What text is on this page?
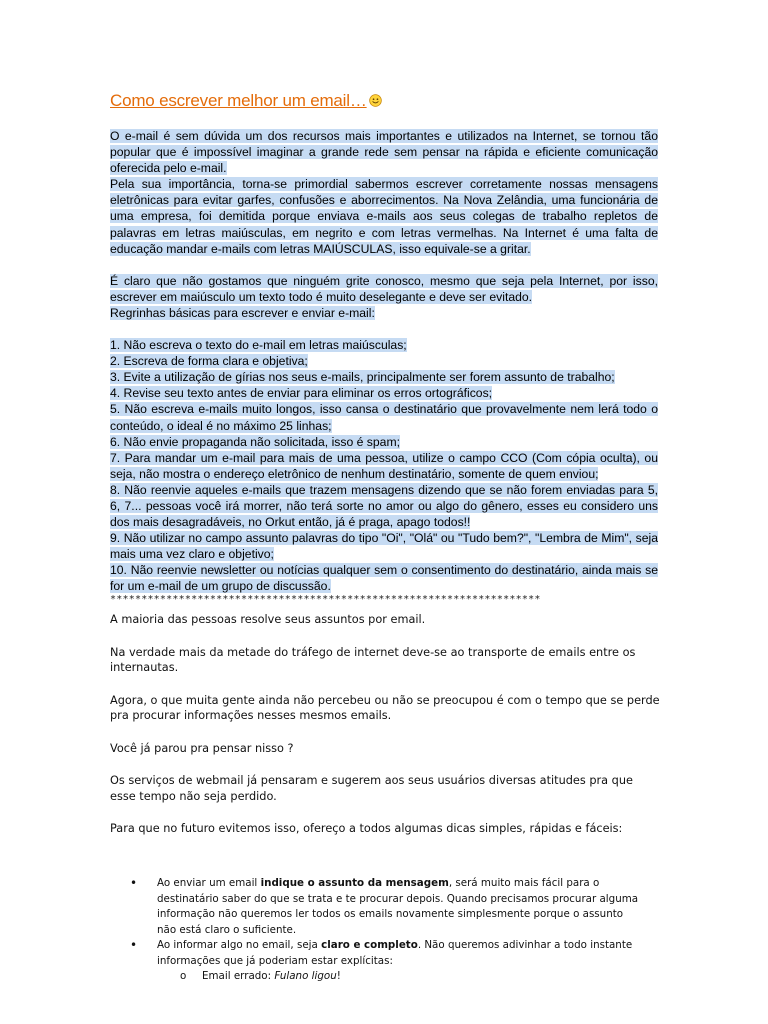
Como escrever melhor um email…

O e-mail é sem dúvida um dos recursos mais importantes e utilizados na Internet, se tornou tão popular que é impossível imaginar a grande rede sem pensar na rápida e eficiente comunicação oferecida pelo e-mail.

Pela sua importância, torna-se primordial sabermos escrever corretamente nossas mensagens eletrônicas para evitar garfes, confusões e aborrecimentos. Na Nova Zelândia, uma funcionária de uma empresa, foi demitida porque enviava e-mails aos seus colegas de trabalho repletos de palavras em letras maiúsculas, em negrito e com letras vermelhas. Na Internet é uma falta de educação mandar e-mails com letras MAIÚSCULAS, isso equivale-se a gritar.

É claro que não gostamos que ninguém grite conosco, mesmo que seja pela Internet, por isso, escrever em maiúsculo um texto todo é muito deselegante e deve ser evitado.

Regrinhas básicas para escrever e enviar e-mail:

1. Não escreva o texto do e-mail em letras maiúsculas;
2. Escreva de forma clara e objetiva;
3. Evite a utilização de gírias nos seus e-mails, principalmente ser forem assunto de trabalho;
4. Revise seu texto antes de enviar para eliminar os erros ortográficos;
5. Não escreva e-mails muito longos, isso cansa o destinatário que provavelmente nem lerá todo o conteúdo, o ideal é no máximo 25 linhas;
6. Não envie propaganda não solicitada, isso é spam;
7. Para mandar um e-mail para mais de uma pessoa, utilize o campo CCO (Com cópia oculta), ou seja, não mostra o endereço eletrônico de nenhum destinatário, somente de quem enviou;
8. Não reenvie aqueles e-mails que trazem mensagens dizendo que se não forem enviadas para 5, 6, 7... pessoas você irá morrer, não terá sorte no amor ou algo do gênero, esses eu considero uns dos mais desagradáveis, no Orkut então, já é praga, apago todos!!
9. Não utilizar no campo assunto palavras do tipo "Oi", "Olá" ou "Tudo bem?", "Lembra de Mim", seja mais uma vez claro e objetivo;
10. Não reenvie newsletter ou notícias qualquer sem o consentimento do destinatário, ainda mais se for um e-mail de um grupo de discussão.
*********************************************************************

A maioria das pessoas resolve seus assuntos por email.

Na verdade mais da metade do tráfego de internet deve-se ao transporte de emails entre os internautas.

Agora, o que muita gente ainda não percebeu ou não se preocupou é com o tempo que se perde pra procurar informações nesses mesmos emails.

Você já parou pra pensar nisso ?

Os serviços de webmail já pensaram e sugerem aos seus usuários diversas atitudes pra que esse tempo não seja perdido.

Para que no futuro evitemos isso, ofereço a todos algumas dicas simples, rápidas e fáceis:

• Ao enviar um email indique o assunto da mensagem, será muito mais fácil para o destinatário saber do que se trata e te procurar depois. Quando precisamos procurar alguma informação não queremos ler todos os emails novamente simplesmente porque o assunto não está claro o suficiente.
• Ao informar algo no email, seja claro e completo. Não queremos adivinhar a todo instante informações que já poderiam estar explícitas:
o Email errado: Fulano ligou!
